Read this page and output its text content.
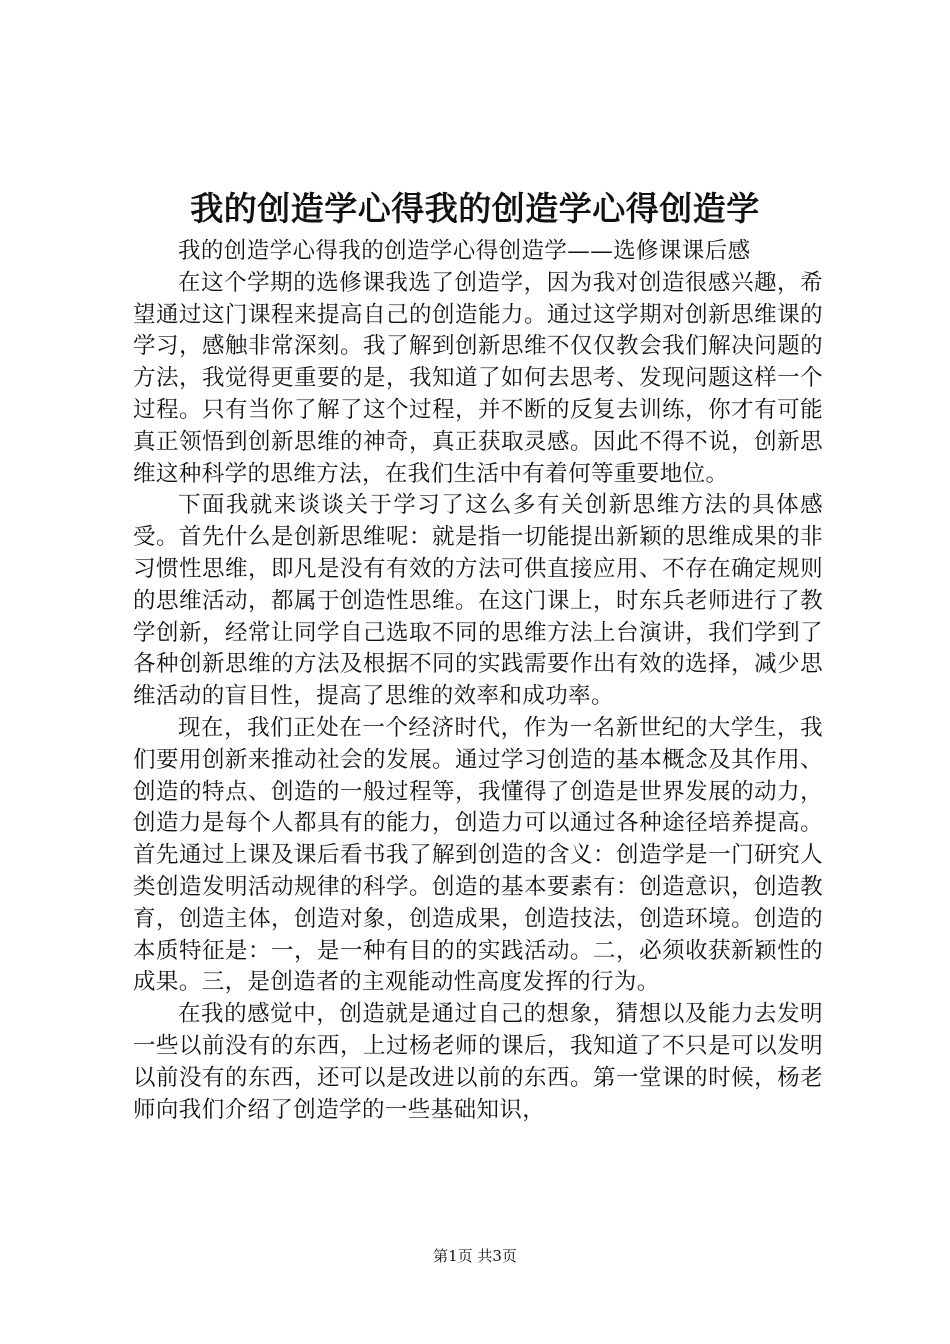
我的创造学心得我的创造学心得创造学

我的创造学心得我的创造学心得创造学——选修课课后感

在这个学期的选修课我选了创造学，因为我对创造很感兴趣，希望通过这门课程来提高自己的创造能力。通过这学期对创新思维课的学习，感触非常深刻。我了解到创新思维不仅仅教会我们解决问题的方法，我觉得更重要的是，我知道了如何去思考、发现问题这样一个过程。只有当你了解了这个过程，并不断的反复去训练，你才有可能真正领悟到创新思维的神奇，真正获取灵感。因此不得不说，创新思维这种科学的思维方法，在我们生活中有着何等重要地位。

下面我就来谈谈关于学习了这么多有关创新思维方法的具体感受。首先什么是创新思维呢：就是指一切能提出新颖的思维成果的非习惯性思维，即凡是没有有效的方法可供直接应用、不存在确定规则的思维活动，都属于创造性思维。在这门课上，时东兵老师进行了教学创新，经常让同学自己选取不同的思维方法上台演讲，我们学到了各种创新思维的方法及根据不同的实践需要作出有效的选择，减少思维活动的盲目性，提高了思维的效率和成功率。

现在，我们正处在一个经济时代，作为一名新世纪的大学生，我们要用创新来推动社会的发展。通过学习创造的基本概念及其作用、创造的特点、创造的一般过程等，我懂得了创造是世界发展的动力，创造力是每个人都具有的能力，创造力可以通过各种途径培养提高。首先通过上课及课后看书我了解到创造的含义：创造学是一门研究人类创造发明活动规律的科学。创造的基本要素有：创造意识，创造教育，创造主体，创造对象，创造成果，创造技法，创造环境。创造的本质特征是：一，是一种有目的的实践活动。二，必须收获新颖性的成果。三，是创造者的主观能动性高度发挥的行为。

在我的感觉中，创造就是通过自己的想象，猜想以及能力去发明一些以前没有的东西，上过杨老师的课后，我知道了不只是可以发明以前没有的东西，还可以是改进以前的东西。第一堂课的时候，杨老师向我们介绍了创造学的一些基础知识，

第1页 共3页
